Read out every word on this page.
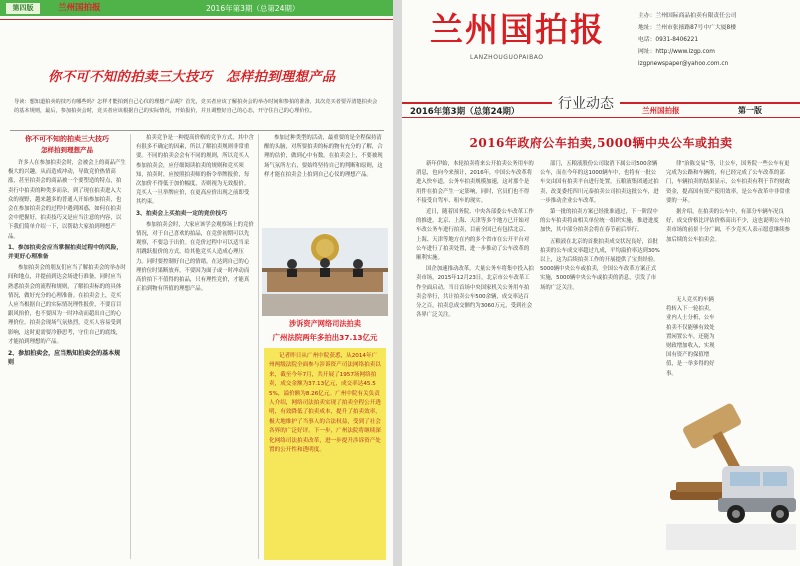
第四版	兰州国拍报	2016年第3期（总第24期）
你不可不知的拍卖三大技巧　怎样拍到理想产品
导读：想知道拍卖的技巧有哪些吗？怎样才能拍到自己心仪的理想产品呢？首先，竞买者应该了解拍卖会的举办时间和参拍的准备，其次竞买者要弄清楚拍卖会的基本规则，最后，参加拍卖会时，竞买者应该根据自己的实际情况，开始报价，并且调整好自己的心态，开守住自己的心理价位。
你不可不知的拍卖三大技巧
怎样拍到理想产品

许多人在参加拍卖会时，会被会上的商品产生极大的兴趣，从而造成冲动，导致竞价热情高涨，甚至拍卖会的商品被一个要塑造的特点，拍卖行中拍卖的种类多而杂，到了现在拍卖进入大众的视野，越来越多的普通人开始参加拍卖，也会在参加拍卖会的过程中遇到困惑，如何在拍卖会中把握好，拍卖技巧又是应当注意的内容，以下我们简单介绍一下，以帮助大家拍到理想产品。

1、参加拍卖会应当掌握拍卖过程中的风险，并更好心理准备

参加拍卖会的朋友们应当了解拍卖会的举办时间和地点，并提前到达会场进行准备。同时应当熟悉拍卖会的流程和规则，了解拍卖标的的具体情况，做好充分的心理准备。在拍卖会上，竞买人应当根据自己的实际情况理性报价，不要盲目跟风抬价，也不要因为一时冲动而超出自己的心理价位。拍卖会现场气氛热烈，竞买人容易受到影响，这时更需要冷静思考，守住自己的底线，才能拍到理想的产品。

2、参加拍卖会，应当熟知拍卖会的基本规则

拍卖竞争是一种提高价格的竞争方式，其中含有很多不确定的因素，所以了解拍卖规则非常重要。不同的拍卖会会有不同的规则，所以竞买人参加拍卖会，应仔细阅读拍卖的规则和竞买须知，拍卖时，应按照拍卖师的指令举牌报价，每次加价不得低于加价幅度，否则视为无效报价。竞买人一旦举牌应价，在更高应价出现之前即受其约束。

3、拍卖会上买拍卖一定的竞价技巧

参加拍卖会时，大家应该学会观察场上的竞价情况，对于自己喜欢的拍品，在竞价初期可以先观察，不要急于出价。在竞价过程中可以适当采用跳跃报价的方式，给其他竞买人造成心理压力。同时要控制好自己的情绪，在达到自己的心理价位时果断放弃，不要因为面子或一时冲动而高价拍下不值得的拍品，只有理性竞价，才能真正拍到物有所值的理想产品。

参加过种类型的活动，最重要的是全程保持清醒的头脑，对所要拍卖的标的物有充分的了解，合理的估价，做到心中有数。在拍卖会上，不要被现场气氛所左右，要始终坚持自己的判断和原则，这样才能在拍卖会上拍到自己心仪的理想产品。

涉诉资产网络司法拍卖
广州法院两年多拍出37.13亿元
记者昨日从广州中院获悉，从2014年广州两级法院全面参与涉诉资产司法网络拍卖以来，截至今年7月，共开展了1957场网络拍卖，成交金额为37.13亿元，成交率达45.55%，溢价额为8.26亿元。广州中院有关负责人介绍，网络司法拍卖实现了拍卖全程公开透明，有效降低了拍卖成本，提升了拍卖效率，极大地维护了当事人的合法权益，受到了社会各界的广泛好评。下一步，广州法院将继续深化网络司法拍卖改革，进一步提升涉诉资产处置的公开性和透明度。
兰州国拍报
LANZHOUGUOPAIBAO
主办：兰州国际商品拍卖有限责任公司
地址：兰州市张掖路87号中广大厦8楼
电话：0931-8406221
网址：http://www.lzgp.com
lzgpnewspaper@yahoo.com.cn
2016年第3期（总第24期）	行业动态	兰州国拍报	第一版
2016年政府公车拍卖,5000辆中央公车或拍卖

新年伊始，本轮拍卖将来公开拍卖公务用车的消息，也向今来预计，2016年，中国公车改革将进入快车道，公务车拍卖规模加速，这对那个是用件在拍会产生一定影响，同时，官员们也不得不接受自驾车、租车的现实。

近日，随着国务院、中央各部委公车改革工作的推进，北京、上海、天津等多个地方已开始对车改公务车进行拍卖，目前全国已有包括北京、上海、天津等地方在内的多个省市在公开平台对公车进行了拍卖处置，进一步推动了公车改革的顺利实施。

国企加速推动改革，大量公务车将集中投入拍卖市场，2015年12月23日，北京市公车改革工作全面启动，当日首场中央国家机关公务用车拍卖会举行，共计拍卖公车500余辆，成交率达百分之百，拍卖总成交额约为3060万元，受到社会各界广泛关注。

部门，五粮液股份公司取消下属公司500余辆公车，而在今年的这1000辆车中，也将有一批公车交由国有拍卖平台进行处置，五粮液集团通过拍卖，改变委托四川元泰拍卖公司拍卖这批公车，进一步推动企业公车改革。

第一批的拍卖方案已经批准通过，下一阶段中的公车拍卖将由相关单位统一组织实施，推进进度加快，其中部分拍卖会将在春节前后举行。

五粮液在北京的首批拍卖成交状况良好，首批拍卖的公车成交率超过九成，平均溢价率达到30%以上，这为后续拍卖工作的开展提供了宝贵经验。5000辆中央公车或拍卖，全国公车改革方案正式实施，5000辆中央公车或拍卖的消息，引发了市场的广泛关注。

律“治陈交易”等，让公车，国务院一些公车有更完成为公路和车辆的，有已经完成了公车改革的部门，车辆拍卖的结果显示，公车拍卖有利于节约财政资金，提高国有资产使用效率，是公车改革中非常重要的一环。

据介绍，在拍卖的公车中，有部分车辆车况良好，成交价格比评估价格高出不少，这也说明公车拍卖市场的前景十分广阔，不少竞买人表示愿意继续参加后续的公车拍卖会。

无人竞买的车辆将转入下一轮拍卖，业内人士分析，公车拍卖不仅能够有效处置闲置公车，还能为财政增加收入，实现国有资产的保值增值，是一举多得的好事。
